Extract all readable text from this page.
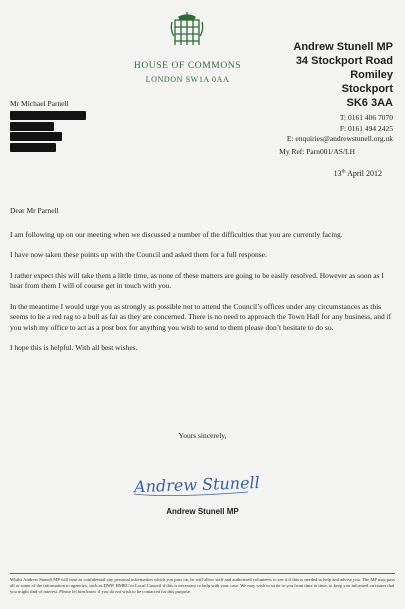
HOUSE OF COMMONS
LONDON SW1A 0AA
Andrew Stunell MP
34 Stockport Road
Romiley
Stockport
SK6 3AA
T: 0161 406 7070
F: 0161 494 2425
E: enquiries@andrewstunell.org.uk
My Ref: Parn001/AS/LH
13th April 2012
Mr Michael Parnell

Dear Mr Parnell

I am following up on our meeting when we discussed a number of the difficulties that you are currently facing.

I have now taken these points up with the Council and asked them for a full response.

I rather expect this will take them a little time, as none of these matters are going to be easily resolved. However as soon as I hear from them I will of course get in touch with you.

In the meantime I would urge you as strongly as possible not to attend the Council’s offices under any circumstances as this seems to be a red rag to a bull as far as they are concerned. There is no need to approach the Town Hall for any business, and if you wish my office to act as a post box for anything you wish to send to them please don’t hesitate to do so.

I hope this is helpful. With all best wishes.

Yours sincerely,
Andrew Stunell
Andrew Stunell MP
Whilst Andrew Stunell MP will treat as confidential any personal information which you pass on, he will allow staff and authorised volunteers to see it if this is needed to help and advise you. The MP may pass all or some of the information to agencies, such as DWP, HMRC or Local Council if this is necessary to help with your case. We may wish to write to you from time to time, to keep you informed on issues that you might find of interest. Please let him know if you do not wish to be contacted for this purpose.
